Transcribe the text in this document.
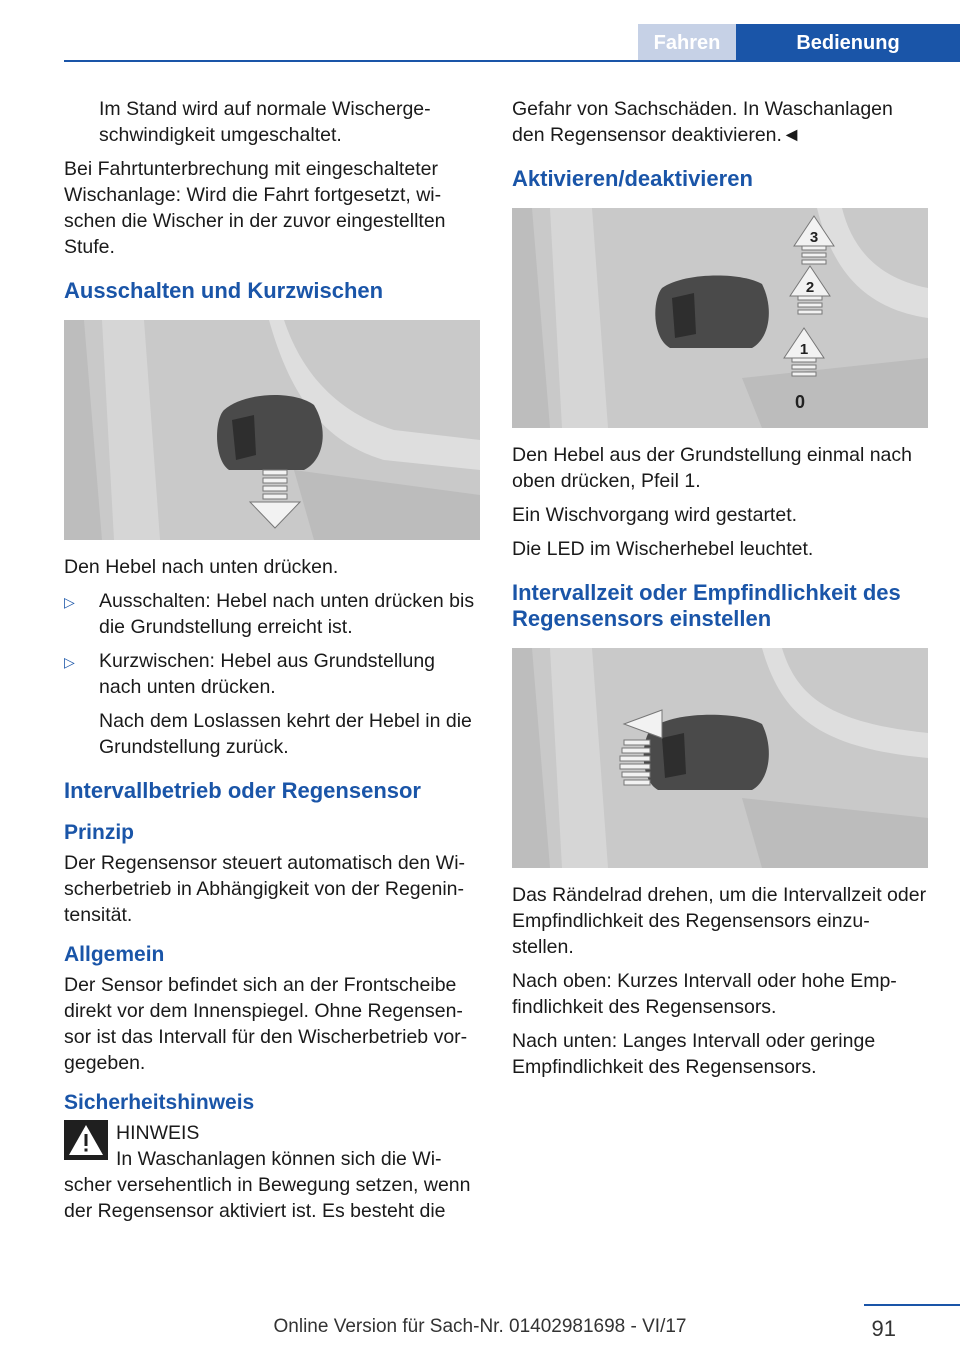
Fahren	Bedienung

Im Stand wird auf normale Wischerge-schwindigkeit umgeschaltet.

Bei Fahrtunterbrechung mit eingeschalteter Wischanlage: Wird die Fahrt fortgesetzt, wi-schen die Wischer in der zuvor eingestellten Stufe.

Ausschalten und Kurzwischen

Den Hebel nach unten drücken.

▷	Ausschalten: Hebel nach unten drücken bis die Grundstellung erreicht ist.
▷	Kurzwischen: Hebel aus Grundstellung nach unten drücken.

Nach dem Loslassen kehrt der Hebel in die Grundstellung zurück.

Intervallbetrieb oder Regensensor
Prinzip

Der Regensensor steuert automatisch den Wi-scherbetrieb in Abhängigkeit von der Regenin-tensität.

Allgemein

Der Sensor befindet sich an der Frontscheibe direkt vor dem Innenspiegel. Ohne Regensen-sor ist das Intervall für den Wischerbetrieb vor-gegeben.

Sicherheitshinweis
HINWEIS
In Waschanlagen können sich die Wi-

scher versehentlich in Bewegung setzen, wenn der Regensensor aktiviert ist. Es besteht die

Gefahr von Sachschäden. In Waschanlagen den Regensensor deaktivieren.◄

Aktivieren/deaktivieren
3
2
1
0

Den Hebel aus der Grundstellung einmal nach oben drücken, Pfeil 1.

Ein Wischvorgang wird gestartet.

Die LED im Wischerhebel leuchtet.

Intervallzeit oder Empfindlichkeit des Regensensors einstellen

Das Rändelrad drehen, um die Intervallzeit oder Empfindlichkeit des Regensensors einzu-stellen.

Nach oben: Kurzes Intervall oder hohe Emp-findlichkeit des Regensensors.

Nach unten: Langes Intervall oder geringe Empfindlichkeit des Regensensors.

91
Online Version für Sach-Nr. 01402981698 - VI/17
